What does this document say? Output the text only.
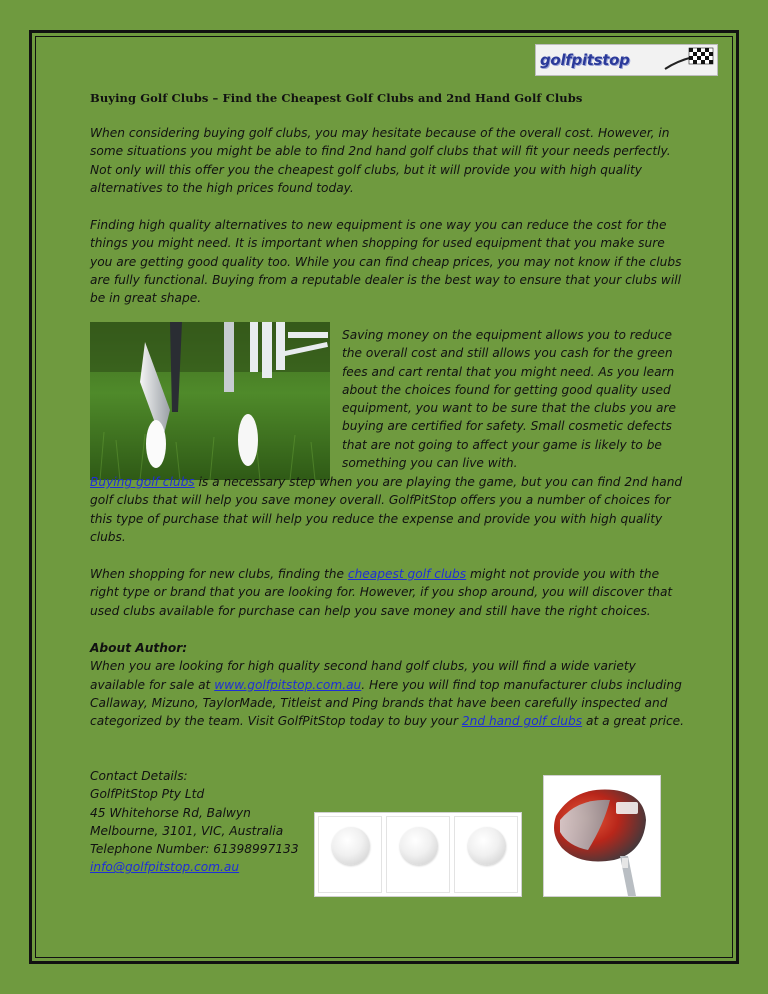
golfpitstop
Buying Golf Clubs – Find the Cheapest Golf Clubs and 2nd Hand Golf Clubs

When considering buying golf clubs, you may hesitate because of the overall cost. However, in some situations you might be able to find 2nd hand golf clubs that will fit your needs perfectly. Not only will this offer you the cheapest golf clubs, but it will provide you with high quality alternatives to the high prices found today.

Finding high quality alternatives to new equipment is one way you can reduce the cost for the things you might need. It is important when shopping for used equipment that you make sure you are getting good quality too. While you can find cheap prices, you may not know if the clubs are fully functional. Buying from a reputable dealer is the best way to ensure that your clubs will be in great shape.

Saving money on the equipment allows you to reduce the overall cost and still allows you cash for the green fees and cart rental that you might need. As you learn about the choices found for getting good quality used equipment, you want to be sure that the clubs you are buying are certified for safety. Small cosmetic defects that are not going to affect your game is likely to be something you can live with.

Buying golf clubs is a necessary step when you are playing the game, but you can find 2nd hand golf clubs that will help you save money overall. GolfPitStop offers you a number of choices for this type of purchase that will help you reduce the expense and provide you with high quality clubs.

When shopping for new clubs, finding the cheapest golf clubs might not provide you with the right type or brand that you are looking for. However, if you shop around, you will discover that used clubs available for purchase can help you save money and still have the right choices.

About Author:
When you are looking for high quality second hand golf clubs, you will find a wide variety available for sale at www.golfpitstop.com.au. Here you will find top manufacturer clubs including Callaway, Mizuno, TaylorMade, Titleist and Ping brands that have been carefully inspected and categorized by the team. Visit GolfPitStop today to buy your 2nd hand golf clubs at a great price.

Contact Details:
GolfPitStop Pty Ltd
45 Whitehorse Rd, Balwyn
Melbourne, 3101, VIC, Australia
Telephone Number: 61398997133
info@golfpitstop.com.au
